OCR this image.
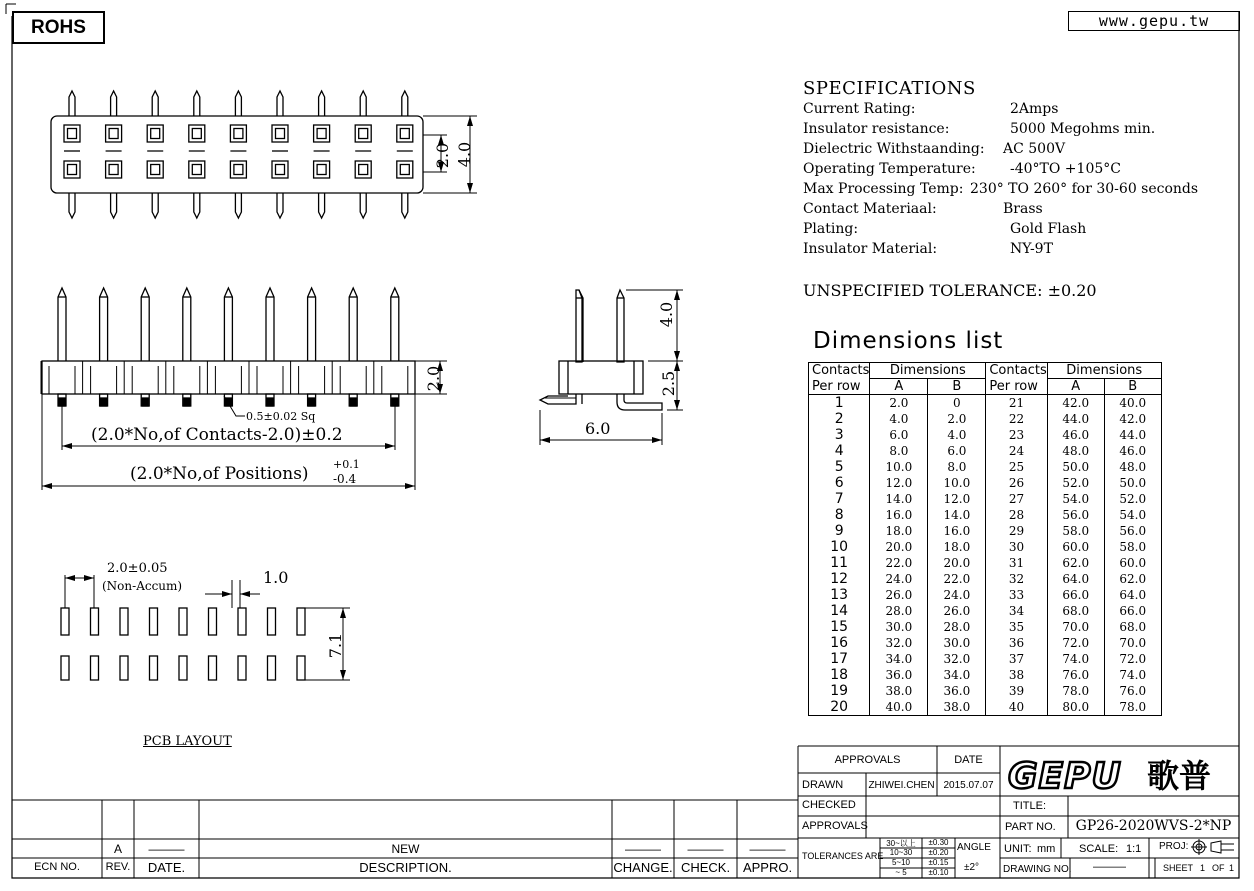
GEPU 歌普
ROHS	www.gepu.tw
2.0 4.0
2.0
0.5±0.02 Sq
(2.0*No,of Contacts-2.0)±0.2
(2.0*No,of Positions) +0.1
-0.4
4.0
2.5
6.0
2.0±0.05
(Non-Accum)	1.0
7.1
PCB LAYOUT
SPECIFICATIONS
Current Rating:	2Amps
Insulator resistance:	5000 Megohms min.
Dielectric Withstaanding: AC 500V
Operating Temperature: -40°TO +105°C
Max Processing Temp: 230° TO 260° for 30-60 seconds
Contact Materiaal:	Brass
Plating:	Gold Flash
Insulator Material:	NY-9T
UNSPECIFIED TOLERANCE: ±0.20
Dimensions list
Contacts	Dimensions		Contacts	Dimensions	
Per row	A	B	Per row	A	B
1	2.0	0	21	42.0	40.0
2	4.0	2.0	22	44.0	42.0
3	6.0	4.0	23	46.0	44.0
4	8.0	6.0	24	48.0	46.0
5	10.0	8.0	25	50.0	48.0
6	12.0	10.0	26	52.0	50.0
7	14.0	12.0	27	54.0	52.0
8	16.0	14.0	28	56.0	54.0
9	18.0	16.0	29	58.0	56.0
10	20.0	18.0	30	60.0	58.0
11	22.0	20.0	31	62.0	60.0
12	24.0	22.0	32	64.0	62.0
13	26.0	24.0	33	66.0	64.0
14	28.0	26.0	34	68.0	66.0
15	30.0	28.0	35	70.0	68.0
16	32.0	30.0	36	72.0	70.0
17	34.0	32.0	37	74.0	72.0
18	36.0	34.0	38	76.0	74.0
19	38.0	36.0	39	78.0	76.0
20	40.0	38.0	40	80.0	78.0
A	———	NEW	———	———	———
ECN NO.	REV.	DATE.	DESCRIPTION.	CHANGE. CHECK. APPRO.
APPROVALS	DATE
DRAWN	ZHIWEI.CHEN 2015.07.07
CHECKED
APPROVALS
TITLE:
PART NO.	GP26-2020WVS-2*NP
TOLERANCES ARE
30~以上	±0.30
10~30	±0.20
5~10	±0.15
~ 5	±0.10
ANGLE
±2°
UNIT: mm SCALE: 1:1 PROJ:
DRAWING NO. ———	SHEET 1 OF 1
